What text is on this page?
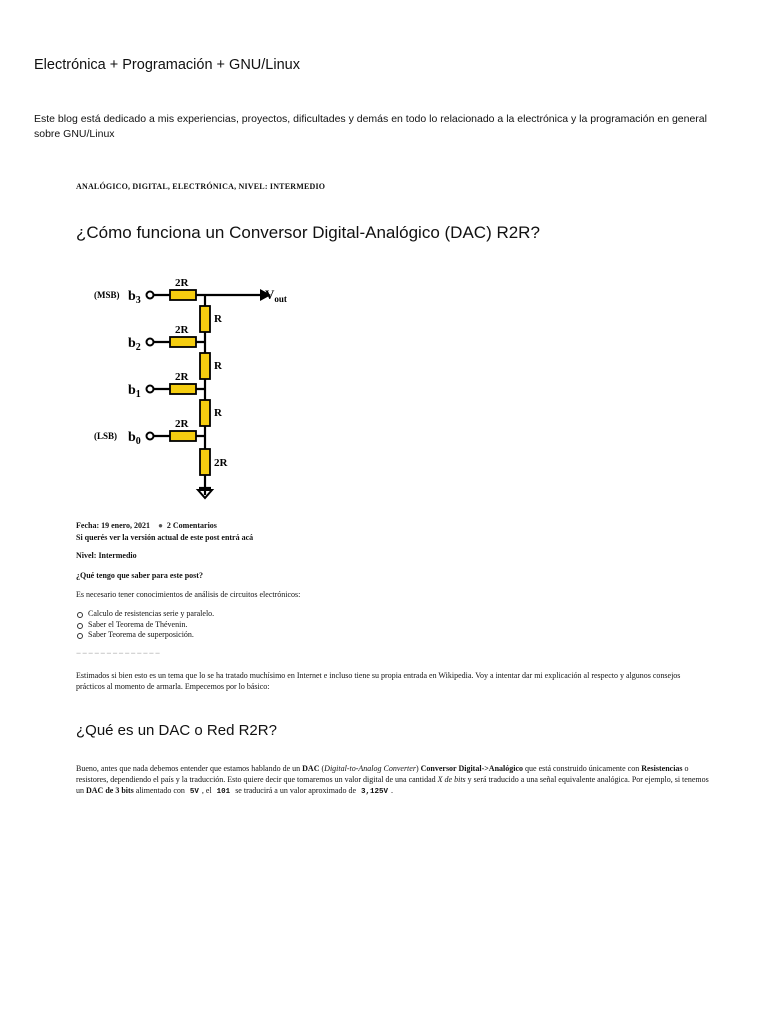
Electrónica + Programación + GNU/Linux
Este blog está dedicado a mis experiencias, proyectos, dificultades y demás en todo lo relacionado a la electrónica y la programación en general sobre GNU/Linux
ANALÓGICO, DIGITAL, ELECTRÓNICA, NIVEL: INTERMEDIO
¿Cómo funciona un Conversor Digital-Analógico (DAC) R2R?
Fecha: 19 enero, 2021 ● 2 Comentarios
Si querés ver la versión actual de este post entrá acá
Nivel: Intermedio
¿Qué tengo que saber para este post?
Es necesario tener conocimientos de análisis de circuitos electrónicos:
Calculo de resistencias serie y paralelo.
Saber el Teorema de Thévenin.
Saber Teorema de superposición.
−−−−−−−−−−−−−−
Estimados si bien esto es un tema que lo se ha tratado muchísimo en Internet e incluso tiene su propia entrada en Wikipedia. Voy a intentar dar mi explicación al respecto y algunos consejos prácticos al momento de armarla. Empecemos por lo básico:
¿Qué es un DAC o Red R2R?
Bueno, antes que nada debemos entender que estamos hablando de un DAC (Digital-to-Analog Converter) Conversor Digital->Analógico que está construido únicamente con Resistencias o resistores, dependiendo el país y la traducción. Esto quiere decir que tomaremos un valor digital de una cantidad X de bits y será traducido a una señal equivalente analógica. Por ejemplo, si tenemos un DAC de 3 bits alimentado con 5V , el 101 se traducirá a un valor aproximado de 3,125V .
(MSB)
(LSB)
$b_3$
$b_2$
$b_1$
$b_0$
$V_{out}$
2R
2R
2R
2R
R
R
R
2R
